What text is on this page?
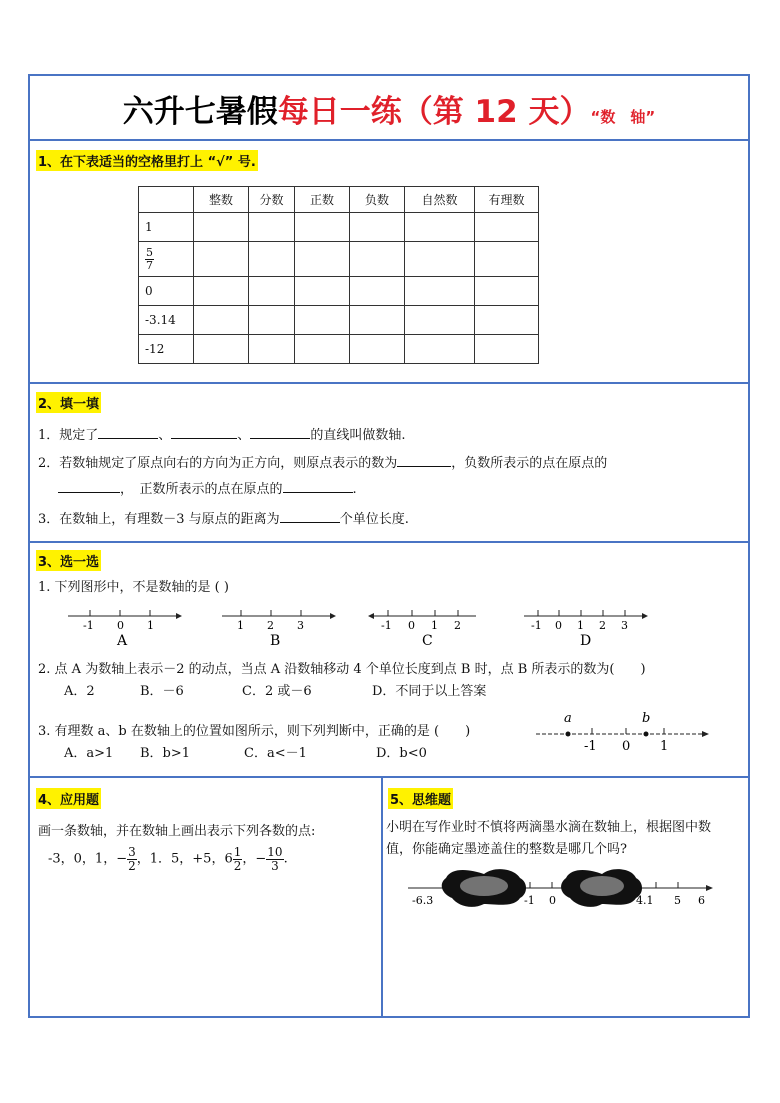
六升七暑假每日一练（第 12 天）“数　轴”
1、在下表适当的空格里打上 “√” 号.
	整数	分数	正数	负数	自然数	有理数
1						

$\frac{5}{7}$

0						
-3.14						
-12						
2、填一填
1．规定了	、	、	的直线叫做数轴.
2．若数轴规定了原点向右的方向为正方向，则原点表示的数为	，负数所表示的点在原点的
，　 正数所表示的点在原点的	.
3．在数轴上，有理数－3 与原点的距离为	个单位长度.
3、选一选
1. 下列图形中，不是数轴的是 ( )
-1 0 1
A
1 2 3
B
-1 0 1 2
C
-1 0 1 2 3
D
2. 点 A 为数轴上表示－2 的动点，当点 A 沿数轴移动 4 个单位长度到点 B 时，点 B 所表示的数为(　　)
A．2	B．－6	C．2 或－6	D．不同于以上答案
3. 有理数 a、b 在数轴上的位置如图所示，则下列判断中，正确的是 (　　)
A．a>1 B．b>1	C．a<－1	D．b<0
a	b
-1 0 1
4、应用题
画一条数轴，并在数轴上画出表示下列各数的点:
-3，0，1，− $\frac{3}{2}$ ，1．5，+5，$6 \frac{1}{2}$ ，− $\frac{10}{3}$ .
5、思维题
小明在写作业时不慎将两滴墨水滴在数轴上，根据图中数
值，你能确定墨迹盖住的整数是哪几个吗?
-6.3	-1 0	4.1 5 6
